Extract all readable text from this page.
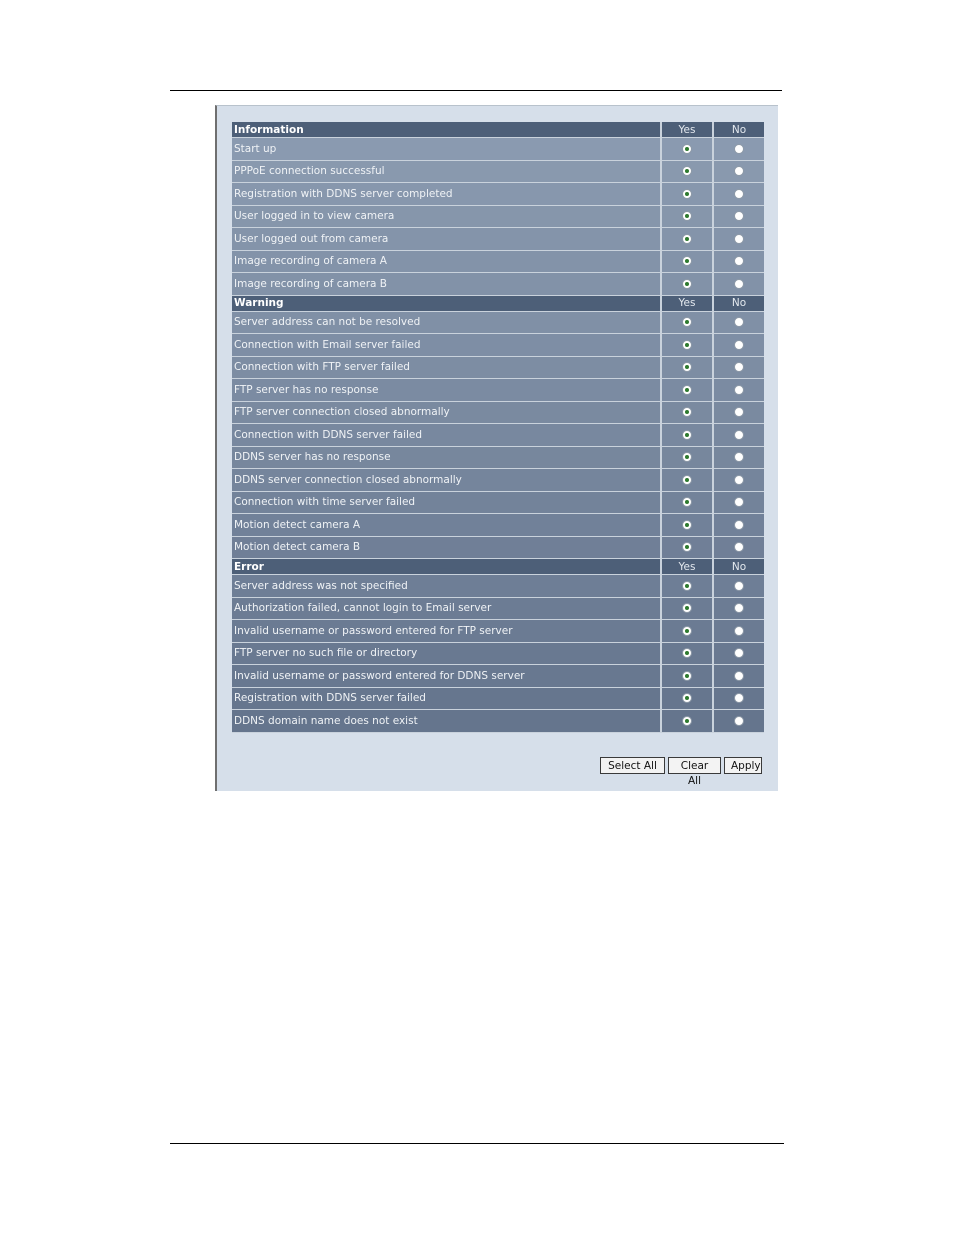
Information	Yes	No
Start up		
PPPoE connection successful		
Registration with DDNS server completed		
User logged in to view camera		
User logged out from camera		
Image recording of camera A		
Image recording of camera B		
Warning	Yes	No
Server address can not be resolved		
Connection with Email server failed		
Connection with FTP server failed		
FTP server has no response		
FTP server connection closed abnormally		
Connection with DDNS server failed		
DDNS server has no response		
DDNS server connection closed abnormally		
Connection with time server failed		
Motion detect camera A		
Motion detect camera B		
Error	Yes	No
Server address was not specified		
Authorization failed, cannot login to Email server		
Invalid username or password entered for FTP server		
FTP server no such file or directory		
Invalid username or password entered for DDNS server		
Registration with DDNS server failed		
DDNS domain name does not exist		
Select All	Clear All
Apply
